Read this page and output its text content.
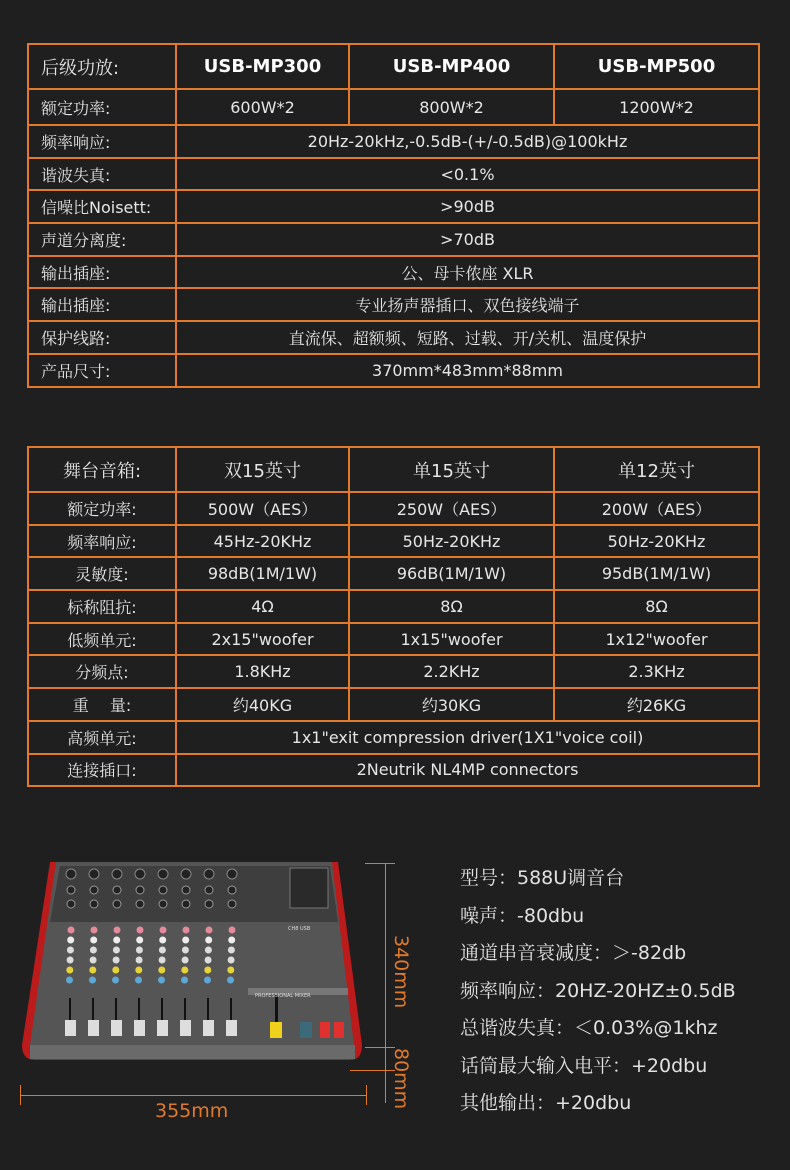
后级功放:	USB-MP300	USB-MP400	USB-MP500
额定功率:	600W*2	800W*2	1200W*2
频率响应:	20Hz-20kHz,-0.5dB-(+/-0.5dB)@100kHz		
谐波失真:	<0.1%		
信噪比Noisett:	>90dB		
声道分离度:	>70dB		
输出插座:	公、母卡侬座 XLR		
输出插座:	专业扬声器插口、双色接线端子		
保护线路:	直流保、超额频、短路、过载、开/关机、温度保护		
产品尺寸:	370mm*483mm*88mm		
舞台音箱:	双15英寸	单15英寸	单12英寸
额定功率:	500W（AES）	250W（AES）	200W（AES）
频率响应:	45Hz-20KHz	50Hz-20KHz	50Hz-20KHz
灵敏度:	98dB(1M/1W)	96dB(1M/1W)	95dB(1M/1W)
标称阻抗:	4Ω	8Ω	8Ω
低频单元:	2x15"woofer	1x15"woofer	1x12"woofer
分频点:	1.8KHz	2.2KHz	2.3KHz
重　 量:	约40KG	约30KG	约26KG
高频单元:	1x1"exit compression driver(1X1"voice coil)		
连接插口:	2Neutrik NL4MP connectors		
CH8 USB
PROFESSIONAL MIXER
355mm
340mm
80mm
型号：588U调音台
噪声：-80dbu
通道串音衰减度：＞-82db
频率响应：20HZ-20HZ±0.5dB
总谐波失真：＜0.03%@1khz
话筒最大输入电平：+20dbu
其他输出：+20dbu
